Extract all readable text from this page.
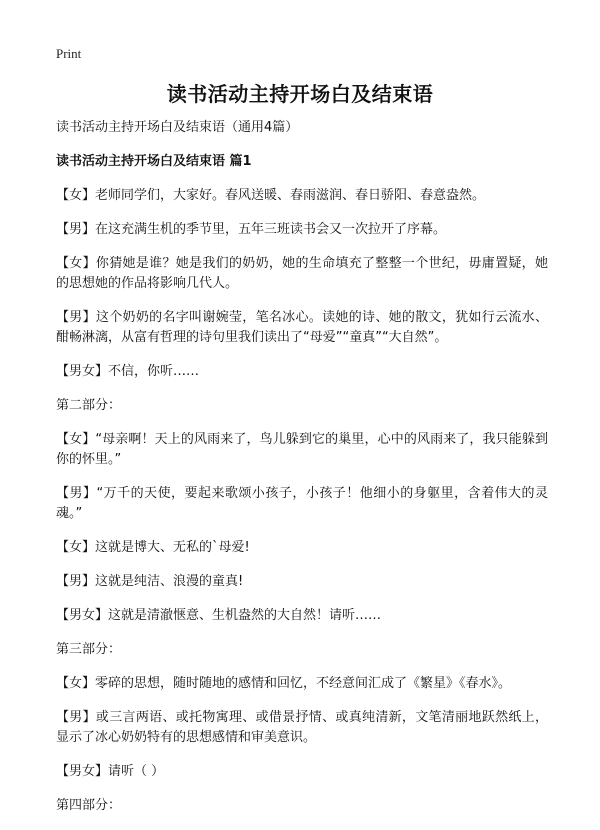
Print
读书活动主持开场白及结束语

读书活动主持开场白及结束语（通用4篇）

读书活动主持开场白及结束语 篇1

【女】老师同学们，大家好。春风送暖、春雨滋润、春日骄阳、春意盎然。

【男】在这充满生机的季节里，五年三班读书会又一次拉开了序幕。

【女】你猜她是谁？她是我们的奶奶，她的生命填充了整整一个世纪，毋庸置疑，她的思想她的作品将影响几代人。

【男】这个奶奶的名字叫谢婉莹，笔名冰心。读她的诗、她的散文，犹如行云流水、酣畅淋漓，从富有哲理的诗句里我们读出了“母爱”“童真”“大自然”。

【男女】不信，你听……

第二部分：

【女】“母亲啊！天上的风雨来了，鸟儿躲到它的巢里，心中的风雨来了，我只能躲到你的怀里。”

【男】“万千的天使，要起来歌颂小孩子，小孩子！他细小的身躯里，含着伟大的灵魂。”

【女】这就是博大、无私的`母爱!

【男】这就是纯洁、浪漫的童真!

【男女】这就是清澈惬意、生机盎然的大自然！请听……

第三部分：

【女】零碎的思想，随时随地的感情和回忆，不经意间汇成了《繁星》《春水》。

【男】或三言两语、或托物寓理、或借景抒情、或真纯清新，文笔清丽地跃然纸上，显示了冰心奶奶特有的思想感情和审美意识。

【男女】请听（ ）

第四部分：
